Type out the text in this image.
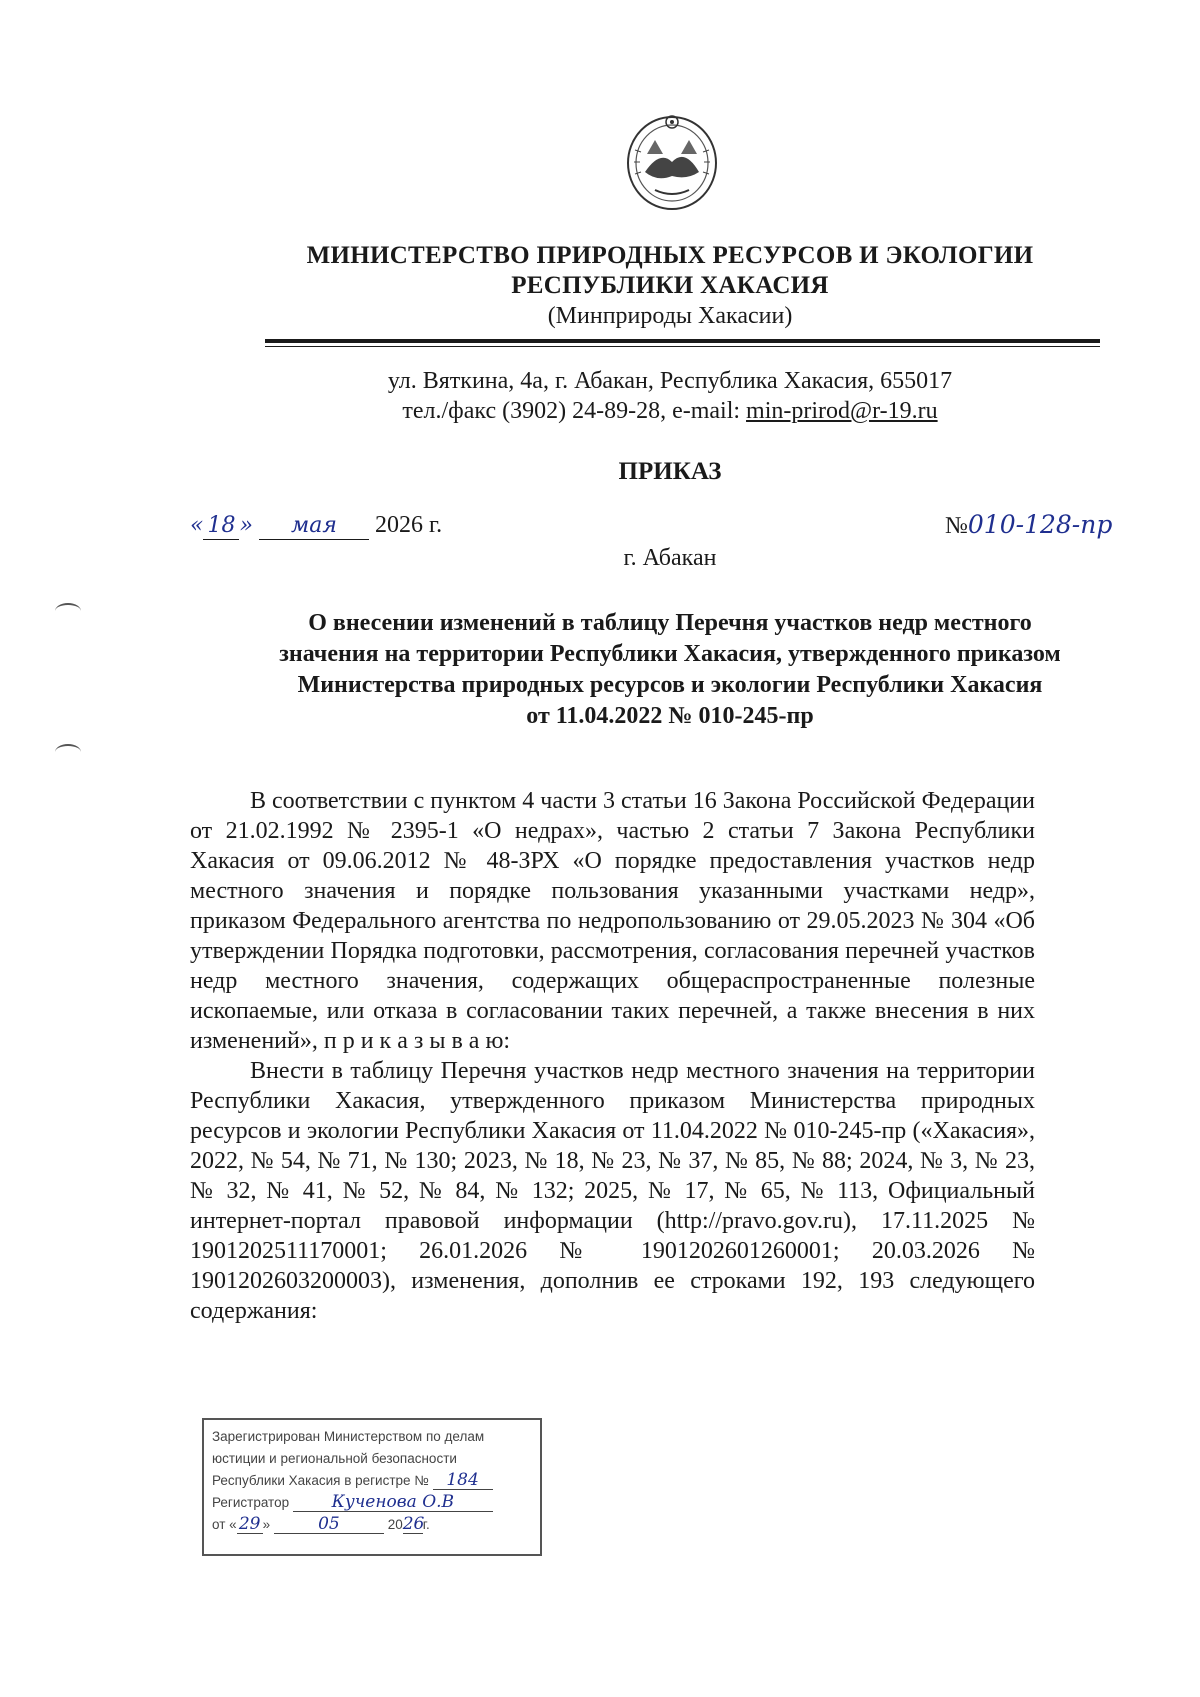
МИНИСТЕРСТВО ПРИРОДНЫХ РЕСУРСОВ И ЭКОЛОГИИ
РЕСПУБЛИКИ ХАКАСИЯ
(Минприроды Хакасии)
ул. Вяткина, 4а, г. Абакан, Республика Хакасия, 655017
тел./факс (3902) 24-89-28, e-mail: min-prirod@r-19.ru
ПРИКАЗ
« 18 » мая 2026 г.	№010-128-пр
г. Абакан
О внесении изменений в таблицу Перечня участков недр местного
значения на территории Республики Хакасия, утвержденного приказом
Министерства природных ресурсов и экологии Республики Хакасия
от 11.04.2022 № 010-245-пр

В соответствии с пунктом 4 части 3 статьи 16 Закона Российской Федерации от 21.02.1992 № 2395-1 «О недрах», частью 2 статьи 7 Закона Республики Хакасия от 09.06.2012 № 48-ЗРХ «О порядке предоставления участков недр местного значения и порядке пользования указанными участками недр», приказом Федерального агентства по недропользованию от 29.05.2023 № 304 «Об утверждении Порядка подготовки, рассмотрения, согласования перечней участков недр местного значения, содержащих общераспространенные полезные ископаемые, или отказа в согласовании таких перечней, а также внесения в них изменений», п р и к а з ы в а ю:

Внести в таблицу Перечня участков недр местного значения на территории Республики Хакасия, утвержденного приказом Министерства природных ресурсов и экологии Республики Хакасия от 11.04.2022 № 010-245-пр («Хакасия», 2022, № 54, № 71, № 130; 2023, № 18, № 23, № 37, № 85, № 88; 2024, № 3, № 23, № 32, № 41, № 52, № 84, № 132; 2025, № 17, № 65, № 113, Официальный интернет-портал правовой информации (http://pravo.gov.ru), 17.11.2025 № 1901202511170001; 26.01.2026 № 1901202601260001; 20.03.2026 № 1901202603200003), изменения, дополнив ее строками 192, 193 следующего содержания:

Зарегистрирован Министерством по делам
юстиции и региональной безопасности
Республики Хакасия в регистре № 184
Регистратор	Кученова О.В
от « 29 »	05	2026г.
